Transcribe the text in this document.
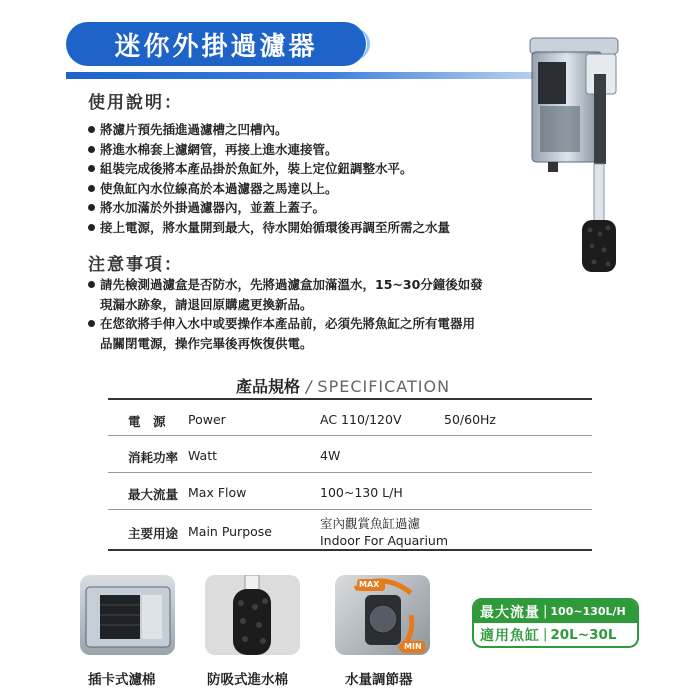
迷你外掛過濾器
使用說明：
將濾片預先插進過濾槽之凹槽內。
將進水棉套上濾網管，再接上進水連接管。
組裝完成後將本產品掛於魚缸外，裝上定位鈕調整水平。
使魚缸內水位線高於本過濾器之馬達以上。
將水加滿於外掛過濾器內，並蓋上蓋子。
接上電源，將水量開到最大，待水開始循環後再調至所需之水量
注意事項：
請先檢測過濾盒是否防水，先將過濾盒加滿溫水，15~30分鐘後如發
現漏水跡象，請退回原購處更換新品。
在您欲將手伸入水中或要操作本產品前，必須先將魚缸之所有電器用
品關閉電源，操作完畢後再恢復供電。
產品規格 / SPECIFICATION
電　源 Power	AC 110/120V	50/60Hz
消耗功率 Watt	4W
最大流量 Max Flow	100~130 L/H
主要用途 Main Purpose
室內觀賞魚缸過濾
Indoor For Aquarium
插卡式濾棉	防吸式進水棉
MAX
MIN
水量調節器
最大流量 | 100~130L/H
適用魚缸 | 20L~30L
